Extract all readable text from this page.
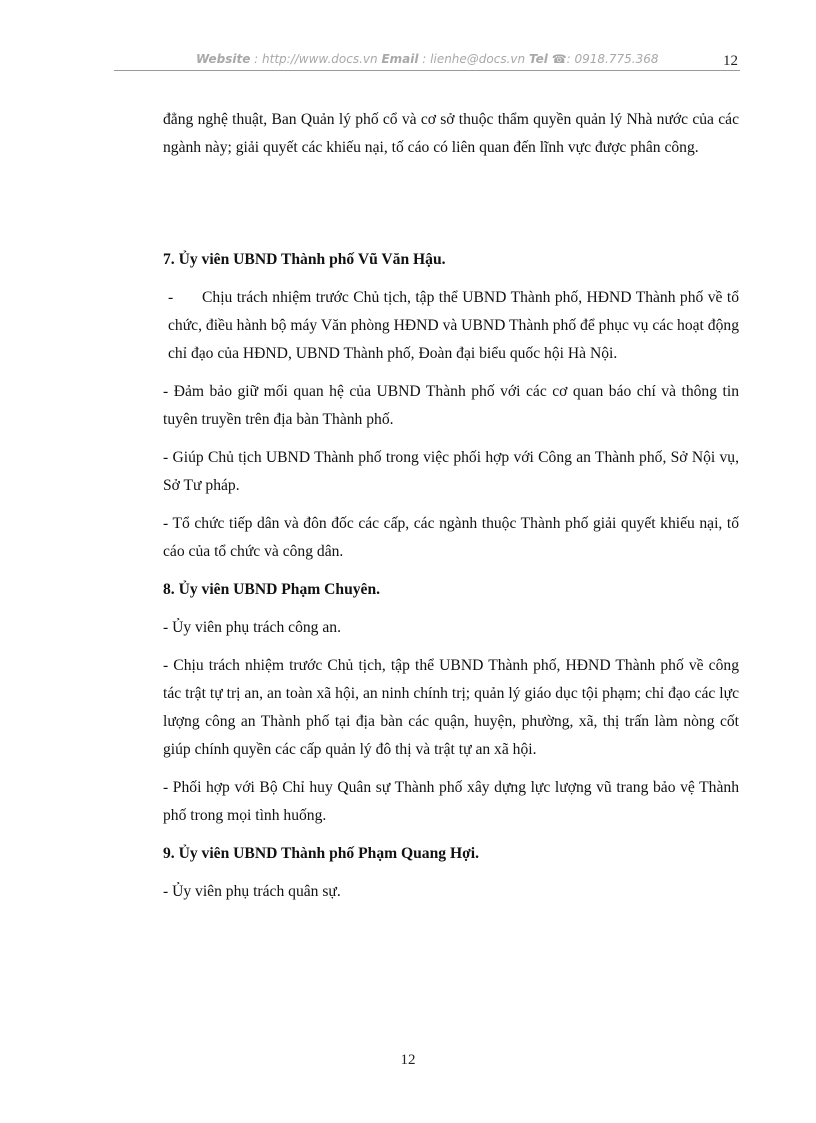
Website : http://www.docs.vn Email : lienhe@docs.vn Tel ☎: 0918.775.368	12

đẳng nghệ thuật, Ban Quản lý phố cổ và cơ sở thuộc thẩm quyền quản lý Nhà nước của các ngành này; giải quyết các khiếu nại, tố cáo có liên quan đến lĩnh vực được phân công.

7. Ủy viên UBND Thành phố Vũ Văn Hậu.

- Chịu trách nhiệm trước Chủ tịch, tập thể UBND Thành phố, HĐND Thành phố về tổ chức, điều hành bộ máy Văn phòng HĐND và UBND Thành phố để phục vụ các hoạt động chỉ đạo của HĐND, UBND Thành phố, Đoàn đại biểu quốc hội Hà Nội.

- Đảm bảo giữ mối quan hệ của UBND Thành phố với các cơ quan báo chí và thông tin tuyên truyền trên địa bàn Thành phố.

- Giúp Chủ tịch UBND Thành phố trong việc phối hợp với Công an Thành phố, Sở Nội vụ, Sở Tư pháp.

- Tổ chức tiếp dân và đôn đốc các cấp, các ngành thuộc Thành phố giải quyết khiếu nại, tố cáo của tổ chức và công dân.

8. Ủy viên UBND Phạm Chuyên.

- Ủy viên phụ trách công an.

- Chịu trách nhiệm trước Chủ tịch, tập thể UBND Thành phố, HĐND Thành phố về công tác trật tự trị an, an toàn xã hội, an ninh chính trị; quản lý giáo dục tội phạm; chỉ đạo các lực lượng công an Thành phố tại địa bàn các quận, huyện, phường, xã, thị trấn làm nòng cốt giúp chính quyền các cấp quản lý đô thị và trật tự an xã hội.

- Phối hợp với Bộ Chỉ huy Quân sự Thành phố xây dựng lực lượng vũ trang bảo vệ Thành phố trong mọi tình huống.

9. Ủy viên UBND Thành phố Phạm Quang Hợi.

- Ủy viên phụ trách quân sự.

12
